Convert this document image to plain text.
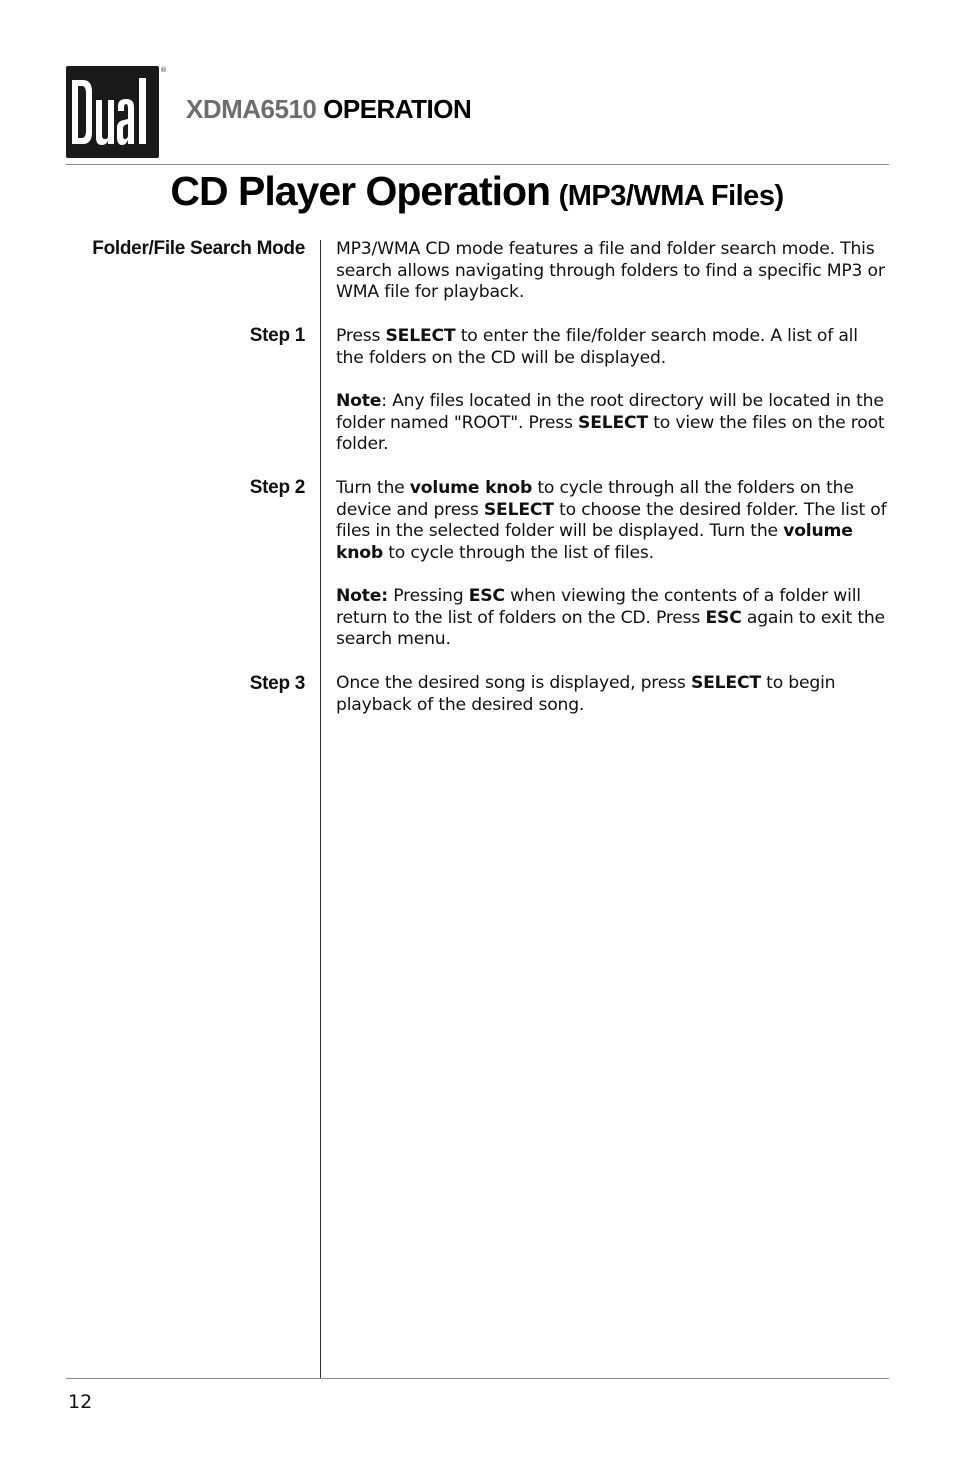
®
XDMA6510 OPERATION
CD Player Operation (MP3/WMA Files)
Folder/File Search Mode
Step 1
Step 2
Step 3
MP3/WMA CD mode features a file and folder search mode. This search allows navigating through folders to find a specific MP3 or WMA file for playback.
Press SELECT to enter the file/folder search mode. A list of all the folders on the CD will be displayed.
Note: Any files located in the root directory will be located in the folder named "ROOT". Press SELECT to view the files on the root folder.
Turn the volume knob to cycle through all the folders on the device and press SELECT to choose the desired folder. The list of files in the selected folder will be displayed. Turn the volume knob to cycle through the list of files.
Note: Pressing ESC when viewing the contents of a folder will return to the list of folders on the CD. Press ESC again to exit the search menu.
Once the desired song is displayed, press SELECT to begin playback of the desired song.
12
